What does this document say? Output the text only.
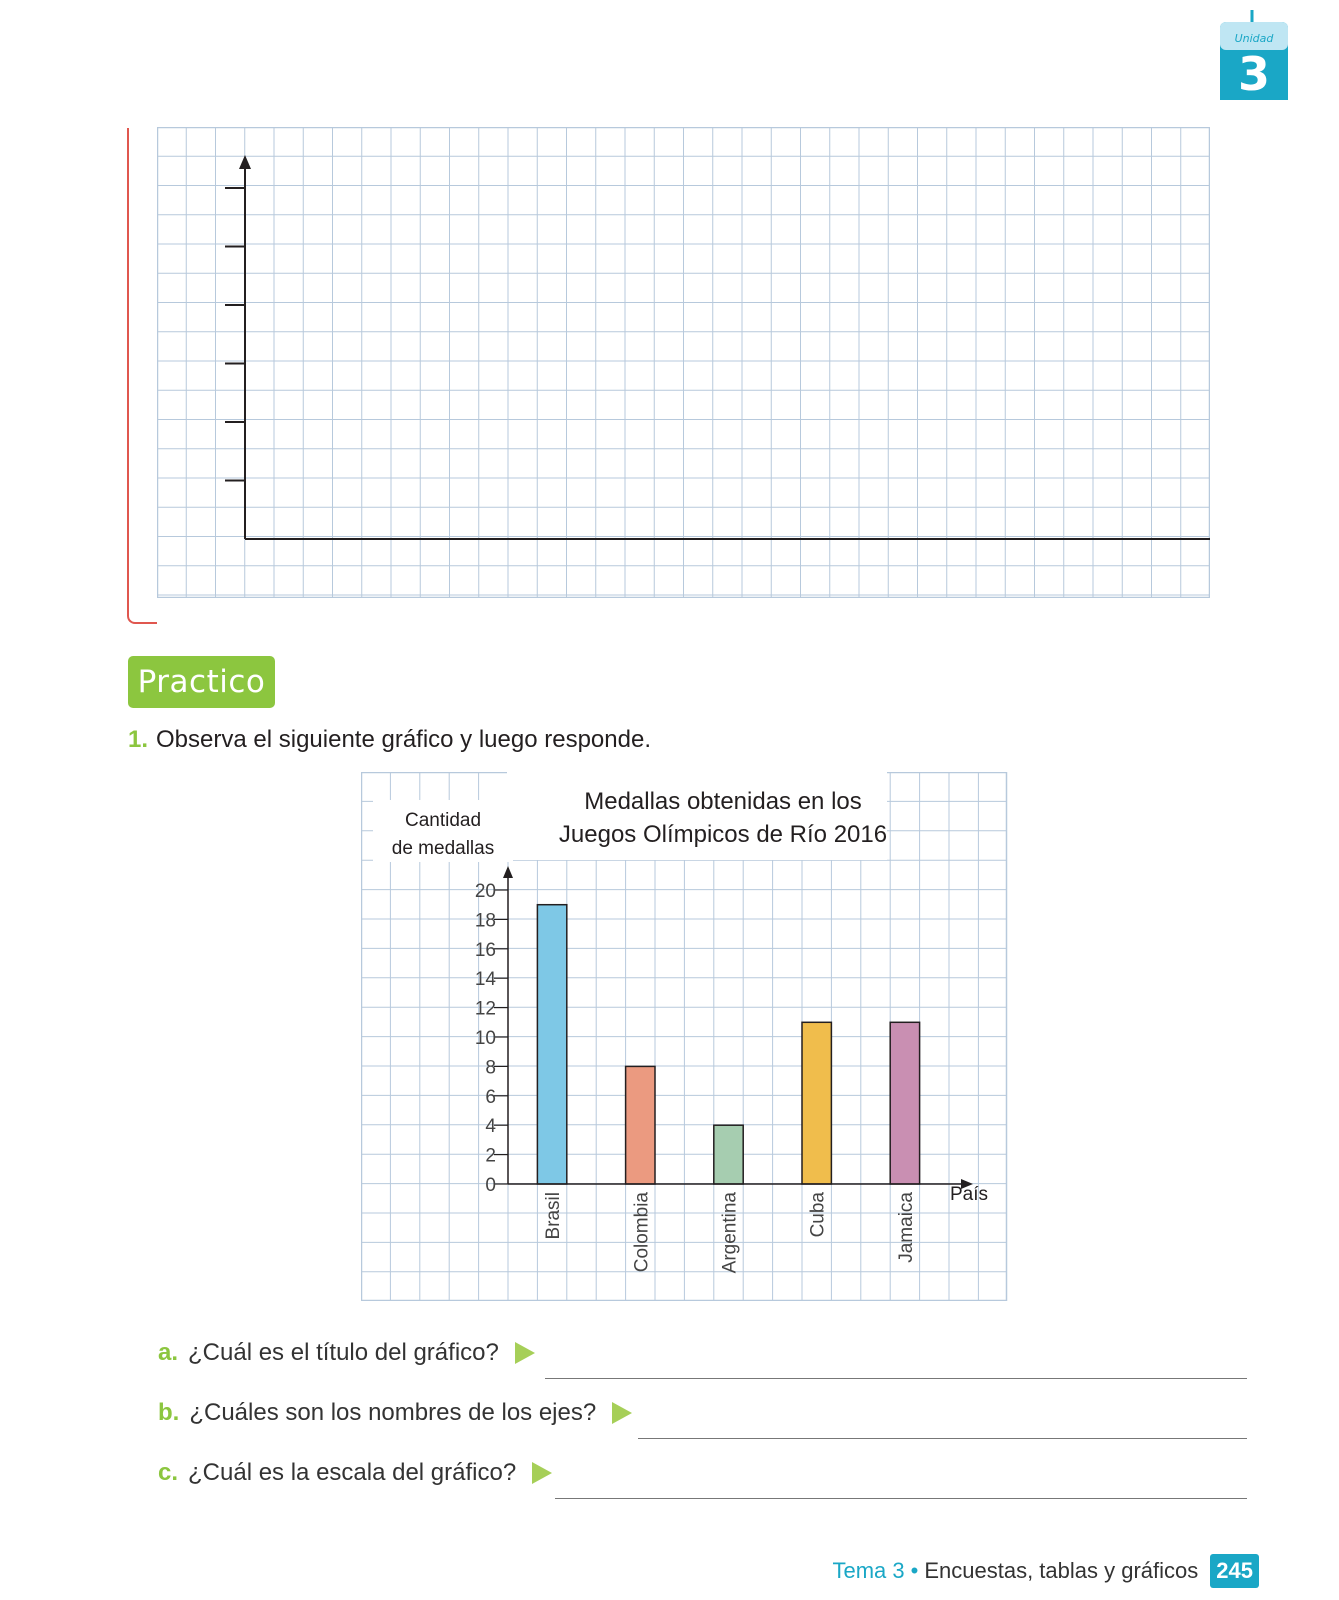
Unidad
3
Practico
1. Observa el siguiente gráfico y luego responde.
Brasil	Colombia	Argentina	Cuba	Jamaica
0
2
4
6
8
10
12
14
16
18
20
Medallas obtenidas en los
Juegos Olímpicos de Río 2016
Cantidad
de medallas
País
a. ¿Cuál es el título del gráfico?
b. ¿Cuáles son los nombres de los ejes?
c. ¿Cuál es la escala del gráfico?
Tema 3 • Encuestas, tablas y gráficos 245
